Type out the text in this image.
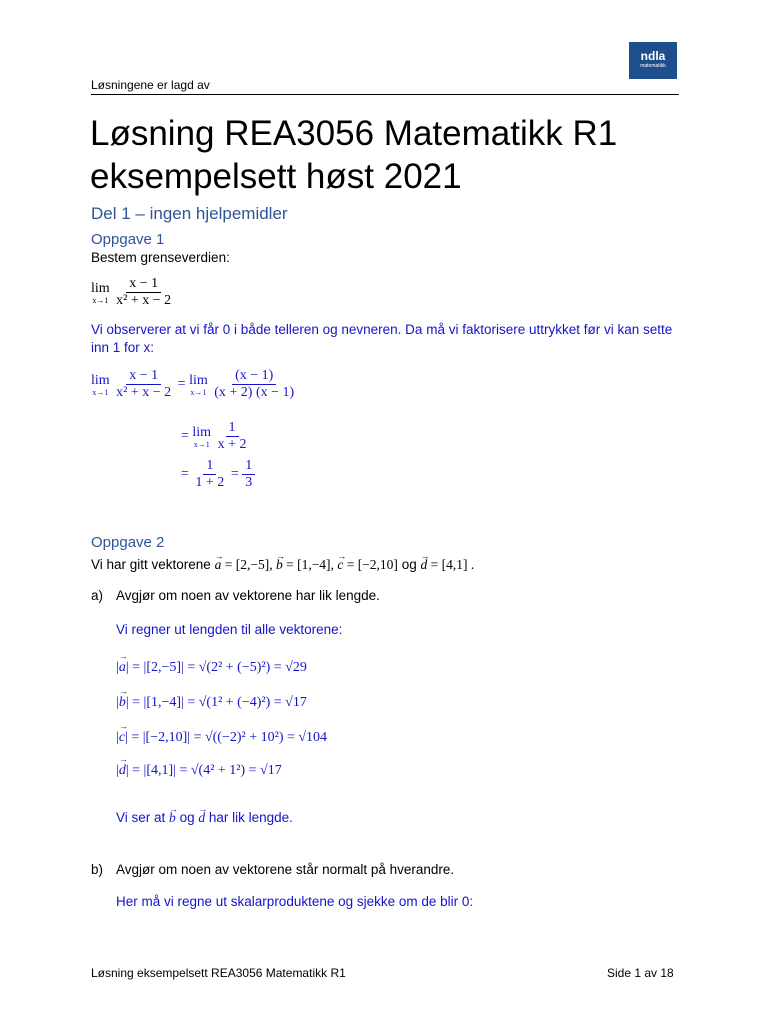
ndla
matematikk
Løsningene er lagd av
Løsning REA3056 Matematikk R1
eksempelsett høst 2021
Del 1 – ingen hjelpemidler
Oppgave 1
Bestem grenseverdien:
lim
x→1
$\frac{x - 1}{\text{x² + x − 2}}$
Vi observerer at vi får 0 i både telleren og nevneren. Da må vi faktorisere uttrykket før vi kan sette inn 1 for x:
lim
x→1
$\frac{x - 1}{\text{x² + x − 2}} = \lim$
x→1
$\frac{(x - 1)}{(x + 2) (x - 1)}$
= lim
x→1
$\frac{1}{x + 2}$
= $\frac{1}{1 + 2} = \frac{1}{3}$
Oppgave 2
Vi har gitt vektorene → a = [2,−5], → b = [1,−4], → c = [−2,10] og → d = [4,1] .
a) Avgjør om noen av vektorene har lik lengde.
Vi regner ut lengden til alle vektorene:
|→ a| = |[2,−5]| = √(2² + (−5)²) = √29
|→ b| = |[1,−4]| = √(1² + (−4)²) = √17
|→ c| = |[−2,10]| = √((−2)² + 10²) = √104
|→ d| = |[4,1]| = √(4² + 1²) = √17
Vi ser at → b og → d har lik lengde.
b) Avgjør om noen av vektorene står normalt på hverandre.
Her må vi regne ut skalarproduktene og sjekke om de blir 0:
Løsning eksempelsett REA3056 Matematikk R1	Side 1 av 18
